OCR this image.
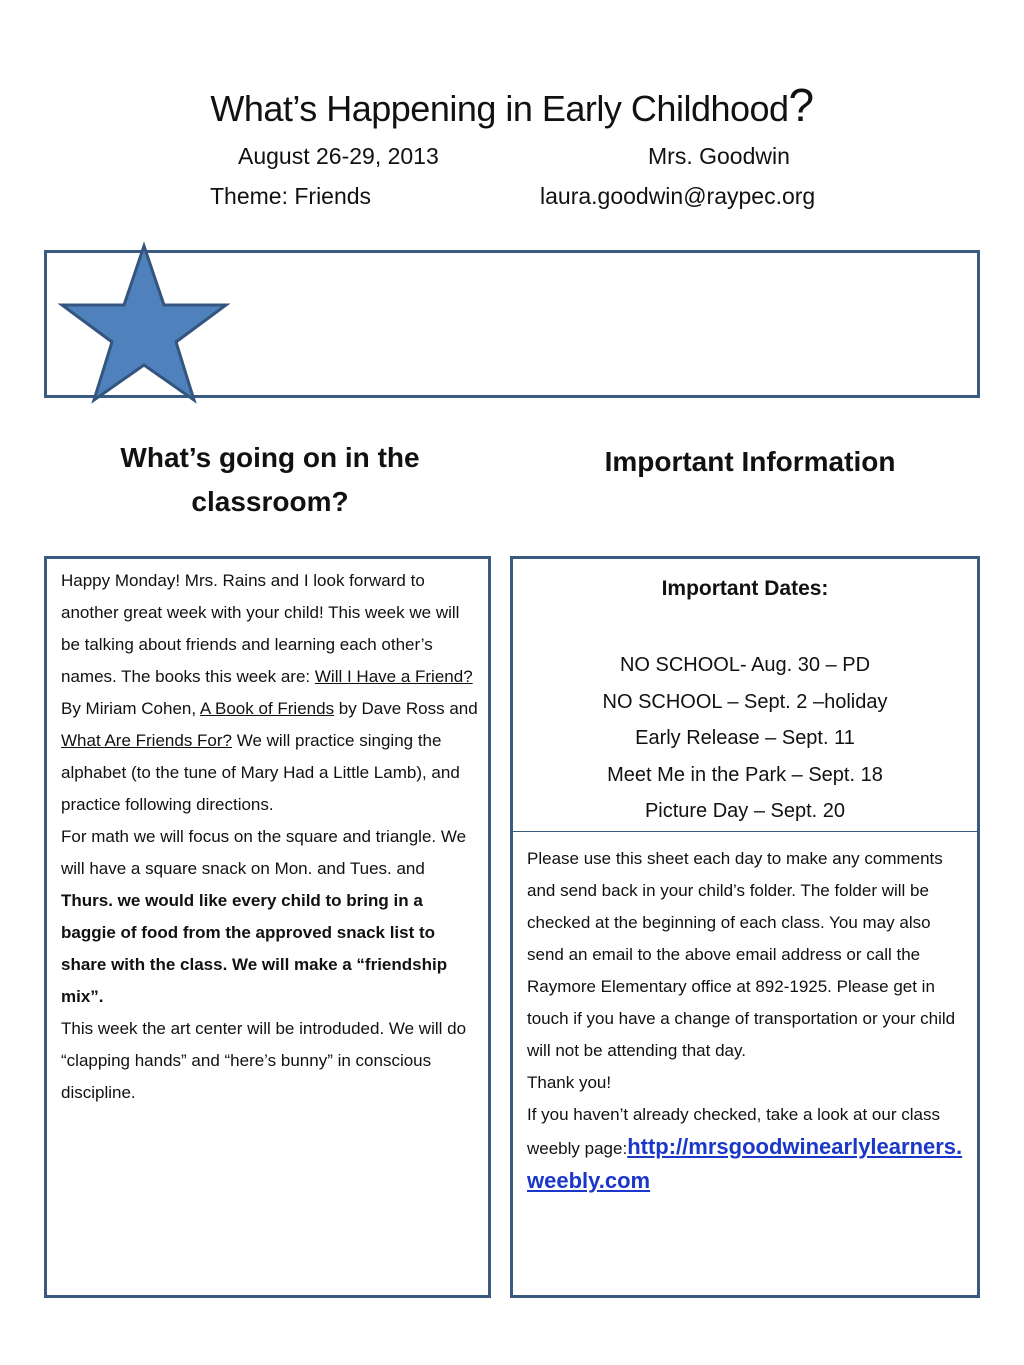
What’s Happening in Early Childhood?
August 26-29, 2013	Mrs. Goodwin
Theme: Friends	laura.goodwin@raypec.org
What’s going on in the
classroom?
Important Information

Happy Monday! Mrs. Rains and I look forward to another great week with your child! This week we will be talking about friends and learning each other’s names. The books this week are: Will I Have a Friend? By Miriam Cohen, A Book of Friends by Dave Ross and What Are Friends For? We will practice singing the alphabet (to the tune of Mary Had a Little Lamb), and practice following directions.

For math we will focus on the square and triangle. We will have a square snack on Mon. and Tues. and Thurs. we would like every child to bring in a baggie of food from the approved snack list to share with the class. We will make a “friendship mix”.

This week the art center will be introduded. We will do “clapping hands” and “here’s bunny” in conscious discipline.

Important Dates:
NO SCHOOL- Aug. 30 – PD
NO SCHOOL – Sept. 2 –holiday
Early Release – Sept. 11
Meet Me in the Park – Sept. 18
Picture Day – Sept. 20

Please use this sheet each day to make any comments and send back in your child’s folder. The folder will be checked at the beginning of each class. You may also send an email to the above email address or call the Raymore Elementary office at 892-1925. Please get in touch if you have a change of transportation or your child will not be attending that day.

Thank you!

If you haven’t already checked, take a look at our class weebly page:http://mrsgoodwinearlylearners.weebly.com
